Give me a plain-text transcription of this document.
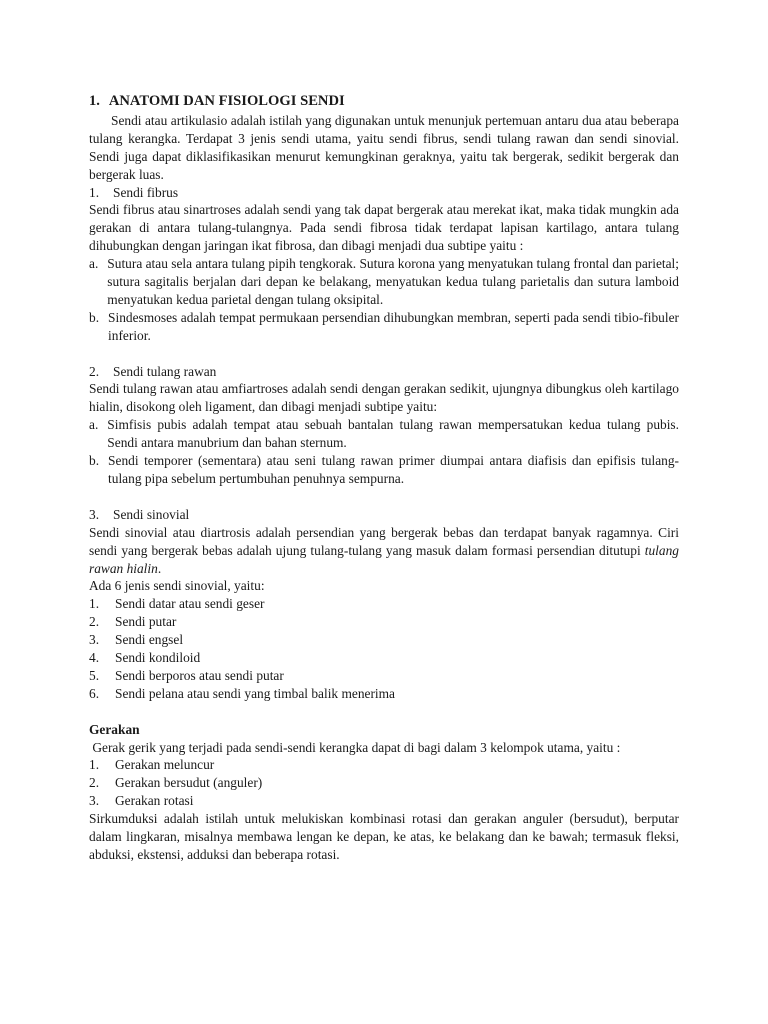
1. ANATOMI DAN FISIOLOGI SENDI

Sendi atau artikulasio adalah istilah yang digunakan untuk menunjuk pertemuan antaru dua atau beberapa tulang kerangka. Terdapat 3 jenis sendi utama, yaitu sendi fibrus, sendi tulang rawan dan sendi sinovial. Sendi juga dapat diklasifikasikan menurut kemungkinan geraknya, yaitu tak bergerak, sedikit bergerak dan bergerak luas.

1. Sendi fibrus

Sendi fibrus atau sinartroses adalah sendi yang tak dapat bergerak atau merekat ikat, maka tidak mungkin ada gerakan di antara tulang-tulangnya. Pada sendi fibrosa tidak terdapat lapisan kartilago, antara tulang dihubungkan dengan jaringan ikat fibrosa, dan dibagi menjadi dua subtipe yaitu :

a. Sutura atau sela antara tulang pipih tengkorak. Sutura korona yang menyatukan tulang frontal dan parietal; sutura sagitalis berjalan dari depan ke belakang, menyatukan kedua tulang parietalis dan sutura lamboid menyatukan kedua parietal dengan tulang oksipital.
b. Sindesmoses adalah tempat permukaan persendian dihubungkan membran, seperti pada sendi tibio-fibuler inferior.

2. Sendi tulang rawan

Sendi tulang rawan atau amfiartroses adalah sendi dengan gerakan sedikit, ujungnya dibungkus oleh kartilago hialin, disokong oleh ligament, dan dibagi menjadi subtipe yaitu:

a. Simfisis pubis adalah tempat atau sebuah bantalan tulang rawan mempersatukan kedua tulang pubis. Sendi antara manubrium dan bahan sternum.
b. Sendi temporer (sementara) atau seni tulang rawan primer diumpai antara diafisis dan epifisis tulang-tulang pipa sebelum pertumbuhan penuhnya sempurna.

3. Sendi sinovial

Sendi sinovial atau diartrosis adalah persendian yang bergerak bebas dan terdapat banyak ragamnya. Ciri sendi yang bergerak bebas adalah ujung tulang-tulang yang masuk dalam formasi persendian ditutupi tulang rawan hialin.

Ada 6 jenis sendi sinovial, yaitu:

1.	Sendi datar atau sendi geser
2.	Sendi putar
3.	Sendi engsel
4.	Sendi kondiloid
5.	Sendi berporos atau sendi putar
6.	Sendi pelana atau sendi yang timbal balik menerima

Gerakan

Gerak gerik yang terjadi pada sendi-sendi kerangka dapat di bagi dalam 3 kelompok utama, yaitu :

1.	Gerakan meluncur
2.	Gerakan bersudut (anguler)
3.	Gerakan rotasi

Sirkumduksi adalah istilah untuk melukiskan kombinasi rotasi dan gerakan anguler (bersudut), berputar dalam lingkaran, misalnya membawa lengan ke depan, ke atas, ke belakang dan ke bawah; termasuk fleksi, abduksi, ekstensi, adduksi dan beberapa rotasi.
